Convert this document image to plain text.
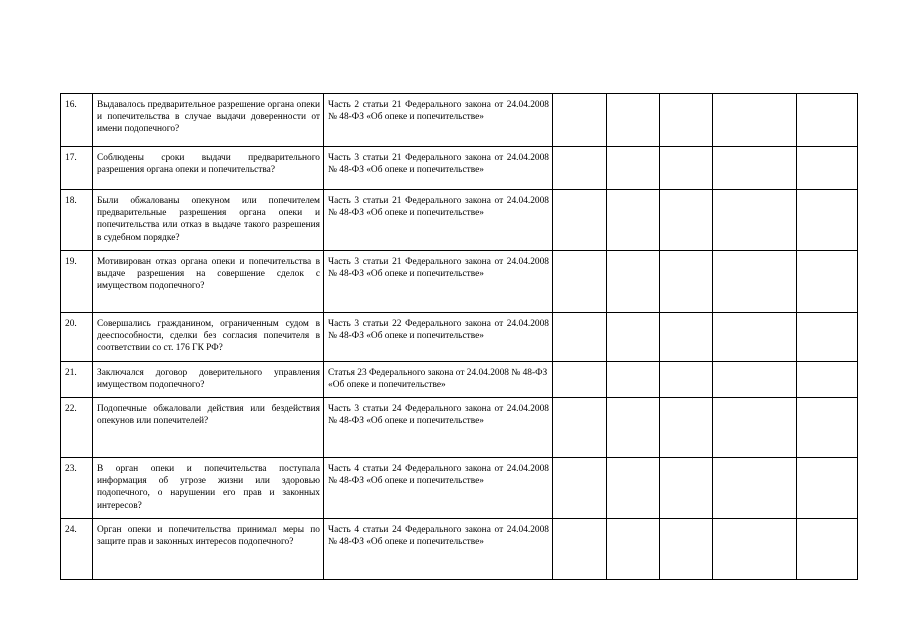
16.	Выдавалось предварительное разрешение органа опеки и попечительства в случае выдачи доверенности от имени подопечного?	Часть 2 статьи 21 Федерального закона от 24.04.2008 № 48-ФЗ «Об опеке и попечительстве»					

17.	Соблюдены сроки выдачи предварительного разрешения органа опеки и попечительства?	Часть 3 статьи 21 Федерального закона от 24.04.2008 № 48-ФЗ «Об опеке и попечительстве»					

18.	Были обжалованы опекуном или попечителем предварительные разрешения органа опеки и попечительства или отказ в выдаче такого разрешения в судебном порядке?	Часть 3 статьи 21 Федерального закона от 24.04.2008 № 48-ФЗ «Об опеке и попечительстве»					

19.	Мотивирован отказ органа опеки и попечительства в выдаче разрешения на совершение сделок с имуществом подопечного?	Часть 3 статьи 21 Федерального закона от 24.04.2008 № 48-ФЗ «Об опеке и попечительстве»					

20.	Совершались гражданином, ограниченным судом в дееспособности, сделки без согласия попечителя в соответствии со ст. 176 ГК РФ?	Часть 3 статьи 22 Федерального закона от 24.04.2008 № 48-ФЗ «Об опеке и попечительстве»					

21.	Заключался договор доверительного управления имуществом подопечного?	Статья 23 Федерального закона от 24.04.2008 № 48-ФЗ «Об опеке и попечительстве»					

22.	Подопечные обжаловали действия или бездействия опекунов или попечителей?	Часть 3 статьи 24 Федерального закона от 24.04.2008 № 48-ФЗ «Об опеке и попечительстве»					

23.	В орган опеки и попечительства поступала информация об угрозе жизни или здоровью подопечного, о нарушении его прав и законных интересов?	Часть 4 статьи 24 Федерального закона от 24.04.2008 № 48-ФЗ «Об опеке и попечительстве»					

24.	Орган опеки и попечительства принимал меры по защите прав и законных интересов подопечного?	Часть 4 статьи 24 Федерального закона от 24.04.2008 № 48-ФЗ «Об опеке и попечительстве»					
